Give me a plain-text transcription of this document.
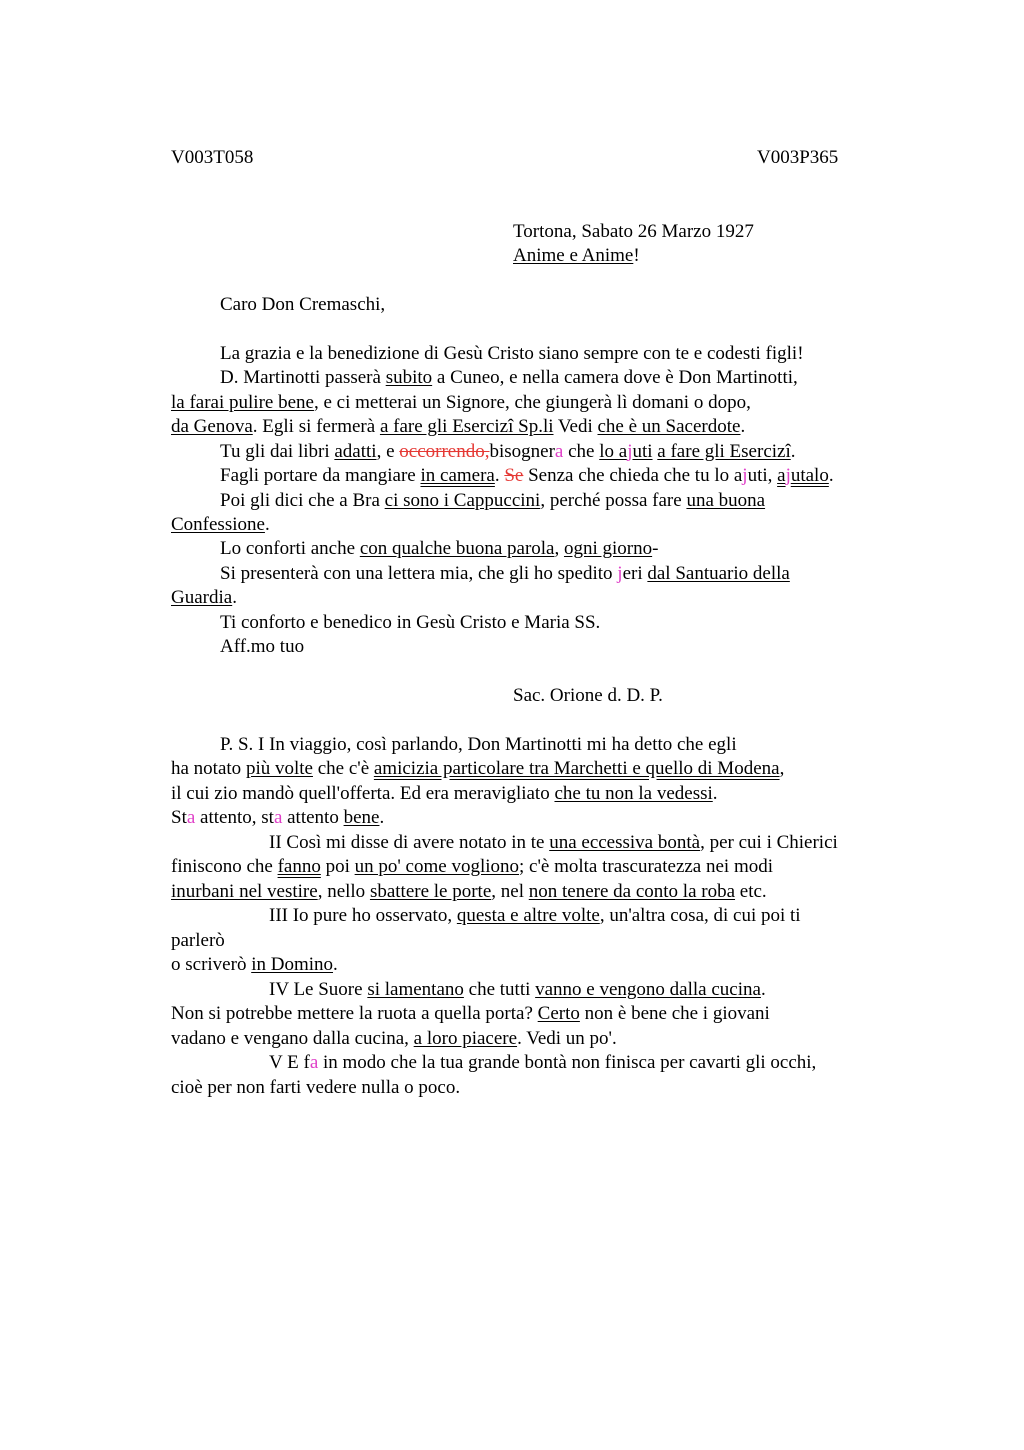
V003T058	V003P365
Tortona, Sabato 26 Marzo 1927
Anime e Anime!
Caro Don Cremaschi,
La grazia e la benedizione di Gesù Cristo siano sempre con te e codesti figli!
D. Martinotti passerà subito a Cuneo, e nella camera dove è Don Martinotti,
la farai pulire bene, e ci metterai un Signore, che giungerà lì domani o dopo,
da Genova. Egli si fermerà a fare gli Esercizî Sp.li Vedi che è un Sacerdote.
Tu gli dai libri adatti, e occorrendo,bisognera che lo ajuti a fare gli Esercizî.
Fagli portare da mangiare in camera. Se Senza che chieda che tu lo ajuti, ajutalo.
Poi gli dici che a Bra ci sono i Cappuccini, perché possa fare una buona
Confessione.
Lo conforti anche con qualche buona parola, ogni giorno-
Si presenterà con una lettera mia, che gli ho spedito jeri dal Santuario della
Guardia.
Ti conforto e benedico in Gesù Cristo e Maria SS.
Aff.mo tuo
Sac. Orione d. D. P.
P. S. I In viaggio, così parlando, Don Martinotti mi ha detto che egli
ha notato più volte che c'è amicizia particolare tra Marchetti e quello di Modena,
il cui zio mandò quell'offerta. Ed era meravigliato che tu non la vedessi.
Sta attento, sta attento bene.
II Così mi disse di avere notato in te una eccessiva bontà, per cui i Chierici
finiscono che fanno poi un po' come vogliono; c'è molta trascuratezza nei modi
inurbani nel vestire, nello sbattere le porte, nel non tenere da conto la roba etc.
III Io pure ho osservato, questa e altre volte, un'altra cosa, di cui poi ti
parlerò
o scriverò in Domino.
IV Le Suore si lamentano che tutti vanno e vengono dalla cucina.
Non si potrebbe mettere la ruota a quella porta? Certo non è bene che i giovani
vadano e vengano dalla cucina, a loro piacere. Vedi un po'.
V E fa in modo che la tua grande bontà non finisca per cavarti gli occhi,
cioè per non farti vedere nulla o poco.
